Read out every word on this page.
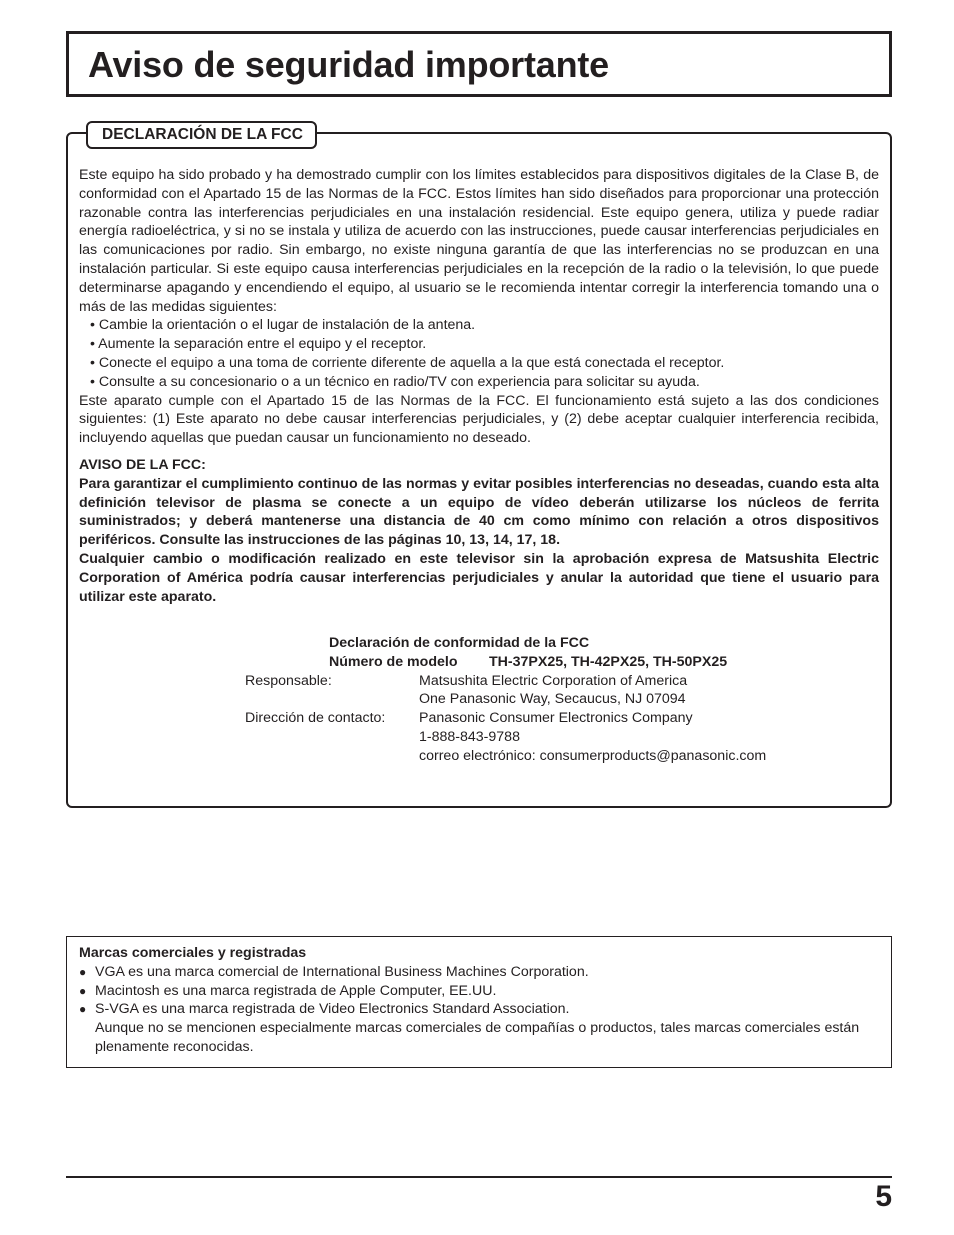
Aviso de seguridad importante
DECLARACIÓN DE LA FCC

Este equipo ha sido probado y ha demostrado cumplir con los límites establecidos para dispositivos digitales de la Clase B, de conformidad con el Apartado 15 de las Normas de la FCC. Estos límites han sido diseñados para proporcionar una protección razonable contra las interferencias perjudiciales en una instalación residencial. Este equipo genera, utiliza y puede radiar energía radioeléctrica, y si no se instala y utiliza de acuerdo con las instrucciones, puede causar interferencias perjudiciales en las comunicaciones por radio. Sin embargo, no existe ninguna garantía de que las interferencias no se produzcan en una instalación particular. Si este equipo causa interferencias perjudiciales en la recepción de la radio o la televisión, lo que puede determinarse apagando y encendiendo el equipo, al usuario se le recomienda intentar corregir la interferencia tomando una o más de las medidas siguientes:

• Cambie la orientación o el lugar de instalación de la antena.
• Aumente la separación entre el equipo y el receptor.
• Conecte el equipo a una toma de corriente diferente de aquella a la que está conectada el receptor.
• Consulte a su concesionario o a un técnico en radio/TV con experiencia para solicitar su ayuda.

Este aparato cumple con el Apartado 15 de las Normas de la FCC. El funcionamiento está sujeto a las dos condiciones siguientes: (1) Este aparato no debe causar interferencias perjudiciales, y (2) debe aceptar cualquier interferencia recibida, incluyendo aquellas que puedan causar un funcionamiento no deseado.

AVISO DE LA FCC:

Para garantizar el cumplimiento continuo de las normas y evitar posibles interferencias no deseadas, cuando esta alta definición televisor de plasma se conecte a un equipo de vídeo deberán utilizarse los núcleos de ferrita suministrados; y deberá mantenerse una distancia de 40 cm como mínimo con relación a otros dispositivos periféricos. Consulte las instrucciones de las páginas 10, 13, 14, 17, 18.

Cualquier cambio o modificación realizado en este televisor sin la aprobación expresa de Matsushita Electric Corporation of América podría causar interferencias perjudiciales y anular la autoridad que tiene el usuario para utilizar este aparato.

Declaración de conformidad de la FCC
Número de modelo TH-37PX25, TH-42PX25, TH-50PX25
Responsable:	Matsushita Electric Corporation of America
One Panasonic Way, Secaucus, NJ 07094
Dirección de contacto:	Panasonic Consumer Electronics Company
1-888-843-9788
correo electrónico: consumerproducts@panasonic.com
Marcas comerciales y registradas
● VGA es una marca comercial de International Business Machines Corporation.
● Macintosh es una marca registrada de Apple Computer, EE.UU.
● S-VGA es una marca registrada de Video Electronics Standard Association.
Aunque no se mencionen especialmente marcas comerciales de compañías o productos, tales marcas comerciales están plenamente reconocidas.
5
